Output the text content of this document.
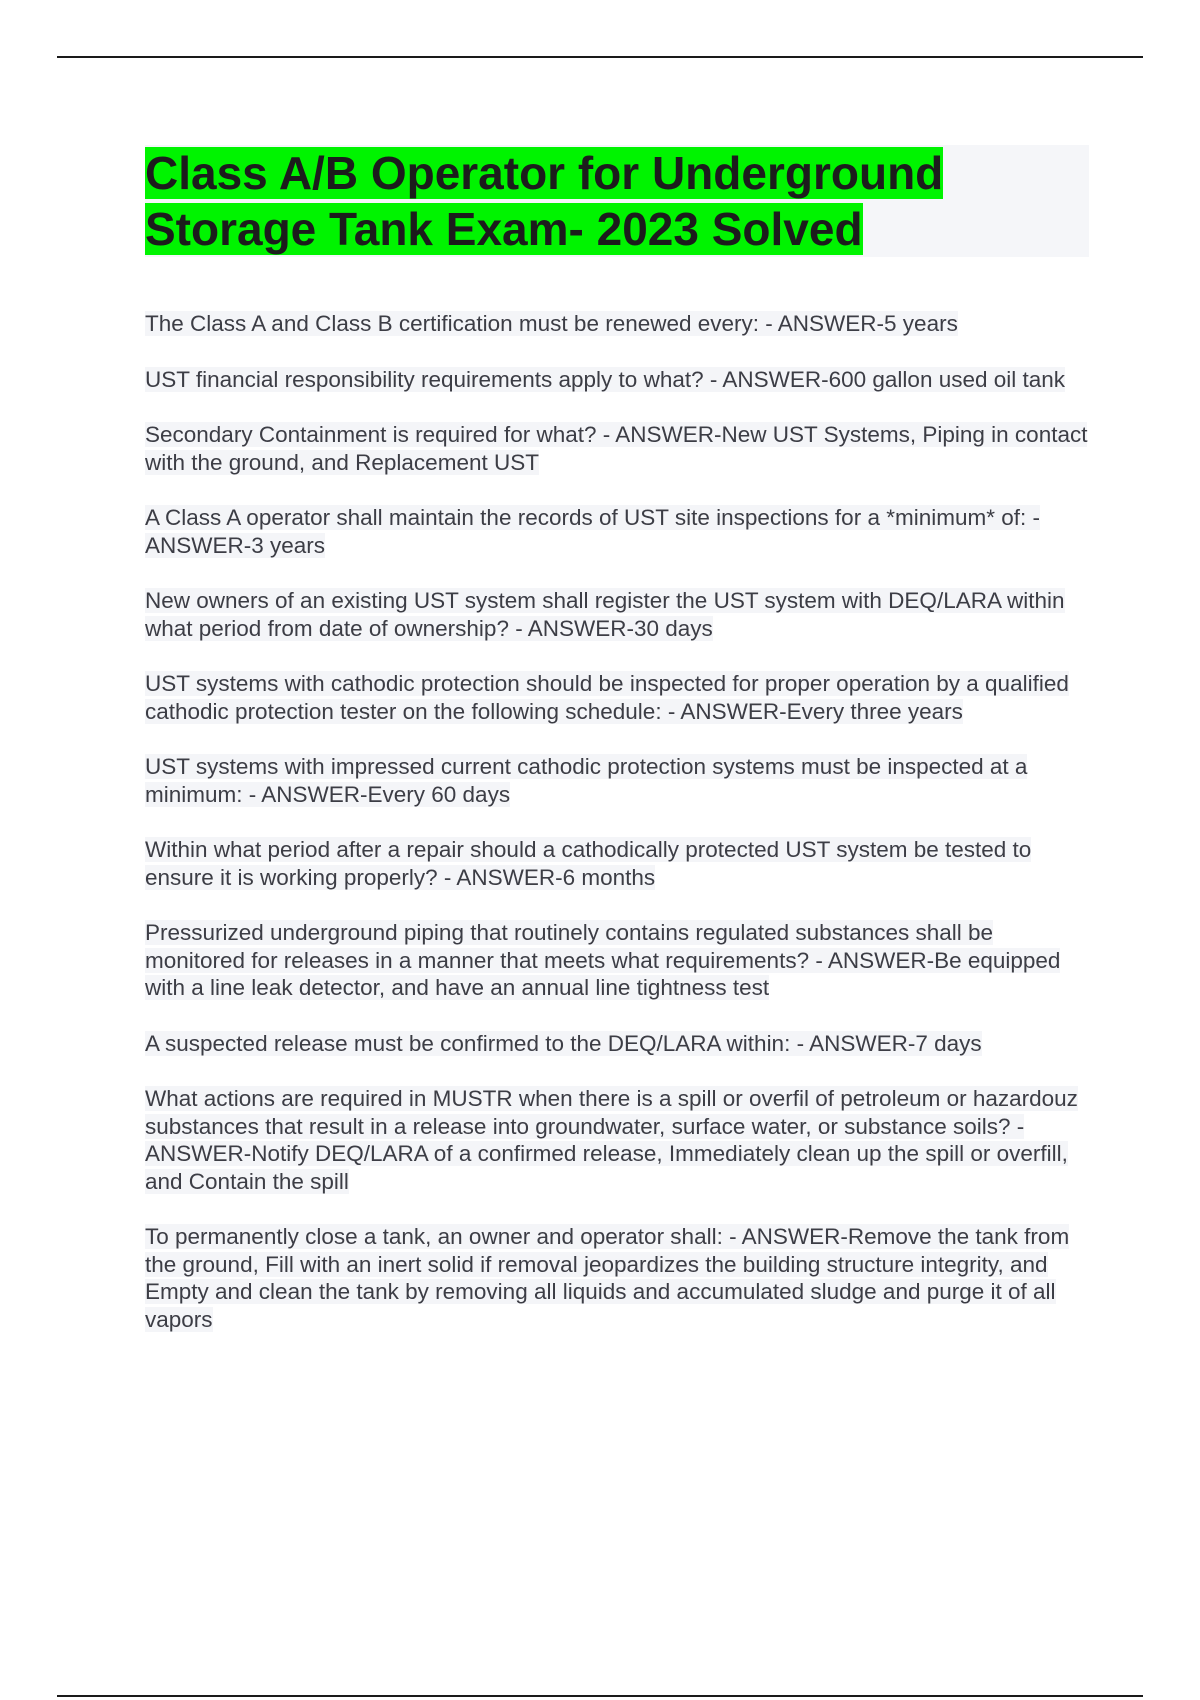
Class A/B Operator for Underground
Storage Tank Exam- 2023 Solved

The Class A and Class B certification must be renewed every: - ANSWER-5 years

UST financial responsibility requirements apply to what? - ANSWER-600 gallon used oil tank

Secondary Containment is required for what? - ANSWER-New UST Systems, Piping in contact with the ground, and Replacement UST

A Class A operator shall maintain the records of UST site inspections for a *minimum* of: - ANSWER-3 years

New owners of an existing UST system shall register the UST system with DEQ/LARA within what period from date of ownership? - ANSWER-30 days

UST systems with cathodic protection should be inspected for proper operation by a qualified cathodic protection tester on the following schedule: - ANSWER-Every three years

UST systems with impressed current cathodic protection systems must be inspected at a minimum: - ANSWER-Every 60 days

Within what period after a repair should a cathodically protected UST system be tested to ensure it is working properly? - ANSWER-6 months

Pressurized underground piping that routinely contains regulated substances shall be monitored for releases in a manner that meets what requirements? - ANSWER-Be equipped with a line leak detector, and have an annual line tightness test

A suspected release must be confirmed to the DEQ/LARA within: - ANSWER-7 days

What actions are required in MUSTR when there is a spill or overfil of petroleum or hazardouz substances that result in a release into groundwater, surface water, or substance soils? - ANSWER-Notify DEQ/LARA of a confirmed release, Immediately clean up the spill or overfill, and Contain the spill

To permanently close a tank, an owner and operator shall: - ANSWER-Remove the tank from the ground, Fill with an inert solid if removal jeopardizes the building structure integrity, and Empty and clean the tank by removing all liquids and accumulated sludge and purge it of all vapors
